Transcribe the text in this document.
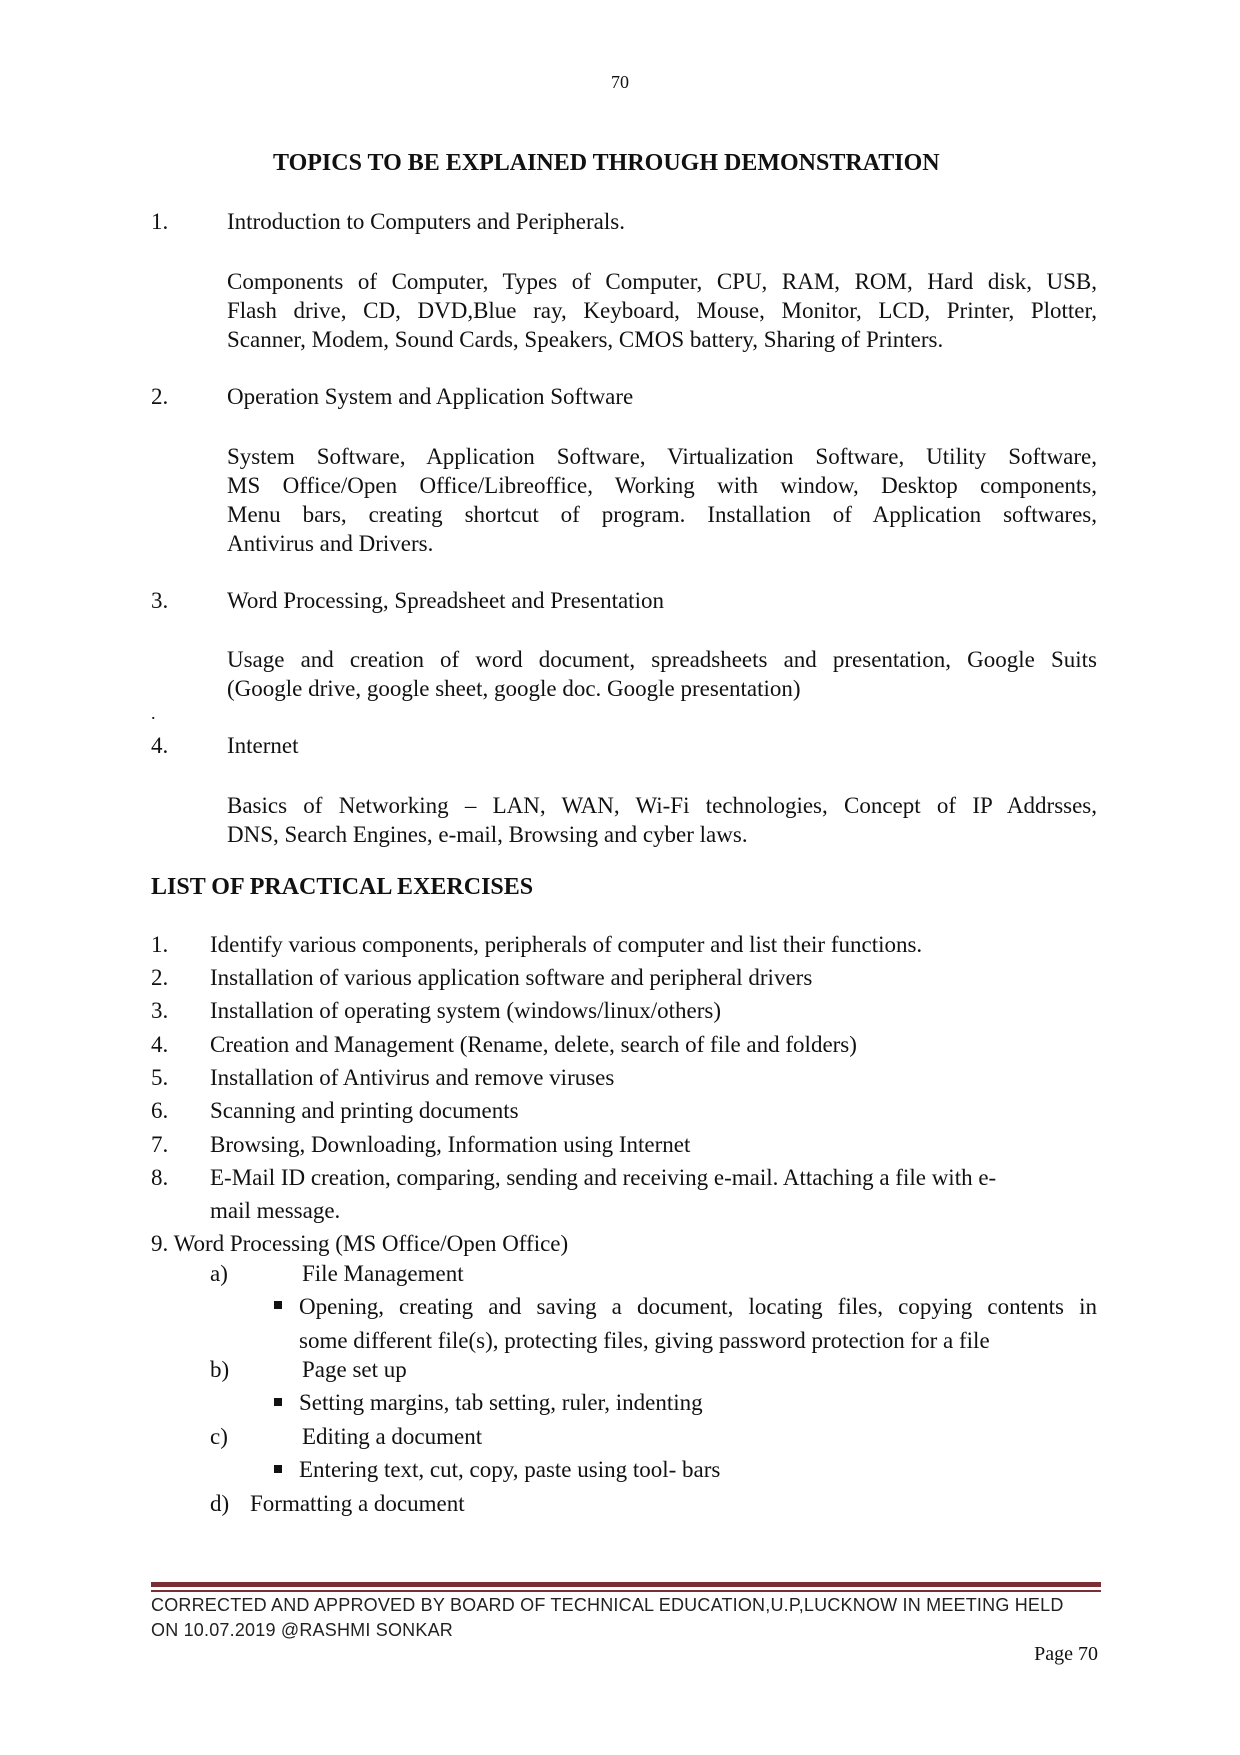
70
TOPICS TO BE EXPLAINED THROUGH DEMONSTRATION
1.	Introduction to Computers and Peripherals.
Components of Computer, Types of Computer, CPU, RAM, ROM, Hard disk, USB,
Flash drive, CD, DVD,Blue ray, Keyboard, Mouse, Monitor, LCD, Printer, Plotter,
Scanner, Modem, Sound Cards, Speakers, CMOS battery, Sharing of Printers.
2.	Operation System and Application Software
System Software, Application Software, Virtualization Software, Utility Software,
MS Office/Open Office/Libreoffice, Working with window, Desktop components,
Menu bars, creating shortcut of program. Installation of Application softwares,
Antivirus and Drivers.
3.	Word Processing, Spreadsheet and Presentation
Usage and creation of word document, spreadsheets and presentation, Google Suits
(Google drive, google sheet, google doc. Google presentation)
.
4.	Internet
Basics of Networking – LAN, WAN, Wi-Fi technologies, Concept of IP Addrsses,
DNS, Search Engines, e-mail, Browsing and cyber laws.
LIST OF PRACTICAL EXERCISES
1. Identify various components, peripherals of computer and list their functions.
2. Installation of various application software and peripheral drivers
3. Installation of operating system (windows/linux/others)
4. Creation and Management (Rename, delete, search of file and folders)
5. Installation of Antivirus and remove viruses
6. Scanning and printing documents
7. Browsing, Downloading, Information using Internet
8. E-Mail ID creation, comparing, sending and receiving e-mail. Attaching a file with e-
mail message.
9. Word Processing (MS Office/Open Office)
a)	File Management
Opening, creating and saving a document, locating files, copying contents in
some different file(s), protecting files, giving password protection for a file
b)	Page set up
Setting margins, tab setting, ruler, indenting
c)	Editing a document
Entering text, cut, copy, paste using tool- bars
d) Formatting a document
CORRECTED AND APPROVED BY BOARD OF TECHNICAL EDUCATION,U.P,LUCKNOW IN MEETING HELD
ON 10.07.2019 @RASHMI SONKAR
Page 70
